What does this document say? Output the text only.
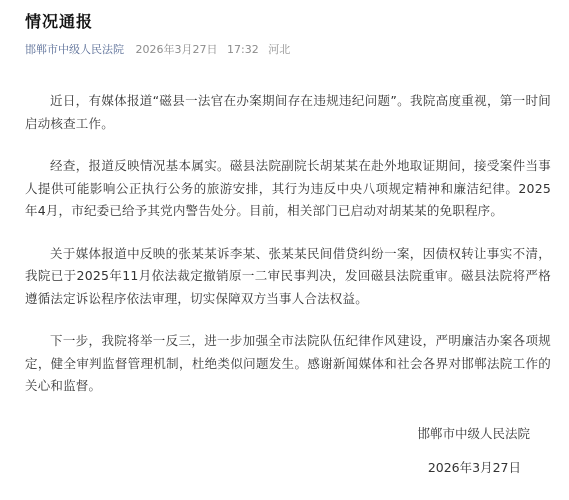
情况通报
邯郸市中级人民法院 2026年3月27日 17:32 河北

近日，有媒体报道“磁县一法官在办案期间存在违规违纪问题”。我院高度重视，第一时间启动核查工作。

经查，报道反映情况基本属实。磁县法院副院长胡某某在赴外地取证期间，接受案件当事人提供可能影响公正执行公务的旅游安排，其行为违反中央八项规定精神和廉洁纪律。2025年4月，市纪委已给予其党内警告处分。目前，相关部门已启动对胡某某的免职程序。

关于媒体报道中反映的张某某诉李某、张某某民间借贷纠纷一案，因债权转让事实不清，我院已于2025年11月依法裁定撤销原一二审民事判决，发回磁县法院重审。磁县法院将严格遵循法定诉讼程序依法审理，切实保障双方当事人合法权益。

下一步，我院将举一反三，进一步加强全市法院队伍纪律作风建设，严明廉洁办案各项规定，健全审判监督管理机制，杜绝类似问题发生。感谢新闻媒体和社会各界对邯郸法院工作的关心和监督。

邯郸市中级人民法院
2026年3月27日
